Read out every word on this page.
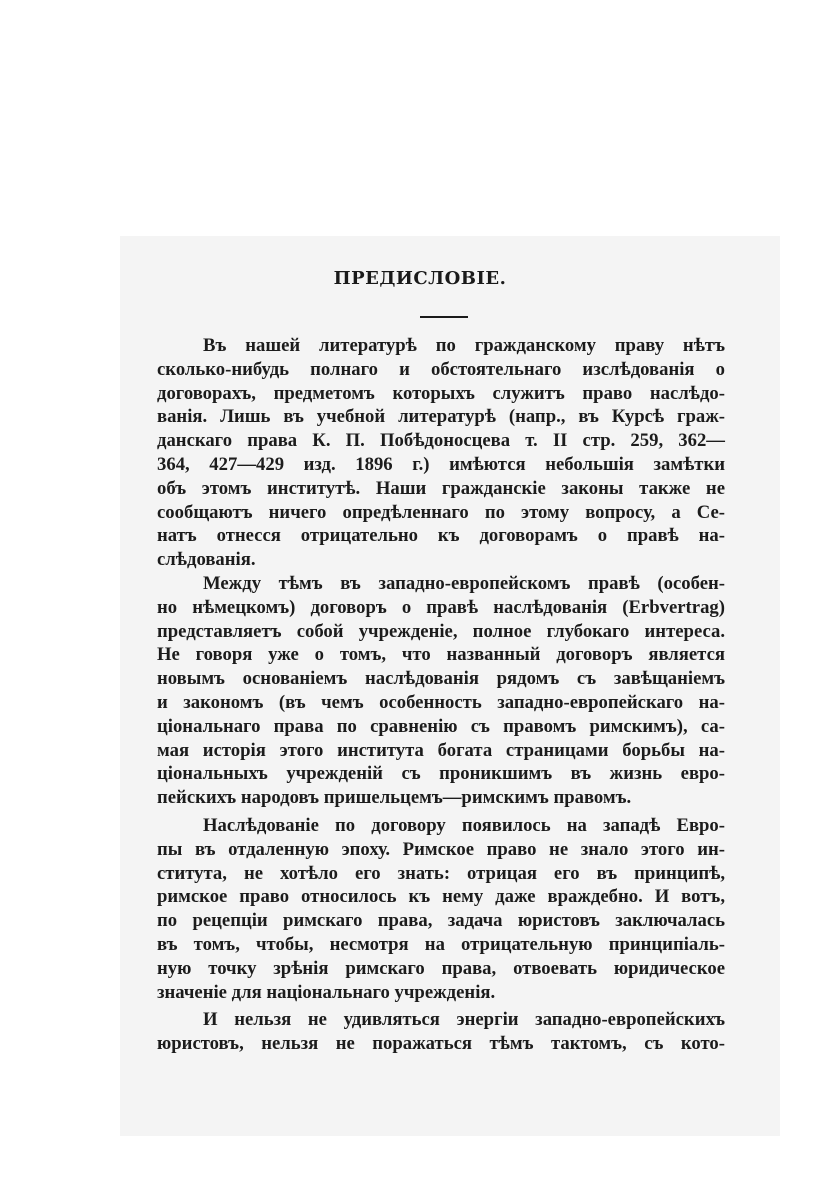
ПРЕДИСЛОВІЕ.
Въ нашей литературѣ по гражданскому праву нѣтъ
сколько-нибудь полнаго и обстоятельнаго изслѣдованія о
договорахъ, предметомъ которыхъ служитъ право наслѣдо-
ванія. Лишь въ учебной литературѣ (напр., въ Курсѣ граж-
данскаго права К. П. Побѣдоносцева т. II стр. 259, 362—
364, 427—429 изд. 1896 г.) имѣются небольшія замѣтки
объ этомъ институтѣ. Наши гражданскіе законы также не
сообщаютъ ничего опредѣленнаго по этому вопросу, а Се-
натъ отнесся отрицательно къ договорамъ о правѣ на-
слѣдованія.
Между тѣмъ въ западно-европейскомъ правѣ (особен-
но нѣмецкомъ) договоръ о правѣ наслѣдованія (Erbvertrag)
представляетъ собой учрежденіе, полное глубокаго интереса.
Не говоря уже о томъ, что названный договоръ является
новымъ основаніемъ наслѣдованія рядомъ съ завѣщаніемъ
и закономъ (въ чемъ особенность западно-европейскаго на-
ціональнаго права по сравненію съ правомъ римскимъ), са-
мая исторія этого института богата страницами борьбы на-
ціональныхъ учрежденій съ проникшимъ въ жизнь евро-
пейскихъ народовъ пришельцемъ—римскимъ правомъ.
Наслѣдованіе по договору появилось на западѣ Евро-
пы въ отдаленную эпоху. Римское право не знало этого ин-
ститута, не хотѣло его знать: отрицая его въ принципѣ,
римское право относилось къ нему даже враждебно. И вотъ,
по рецепціи римскаго права, задача юристовъ заключалась
въ томъ, чтобы, несмотря на отрицательную принципіаль-
ную точку зрѣнія римскаго права, отвоевать юридическое
значеніе для національнаго учрежденія.
И нельзя не удивляться энергіи западно-европейскихъ
юристовъ, нельзя не поражаться тѣмъ тактомъ, съ кото-
